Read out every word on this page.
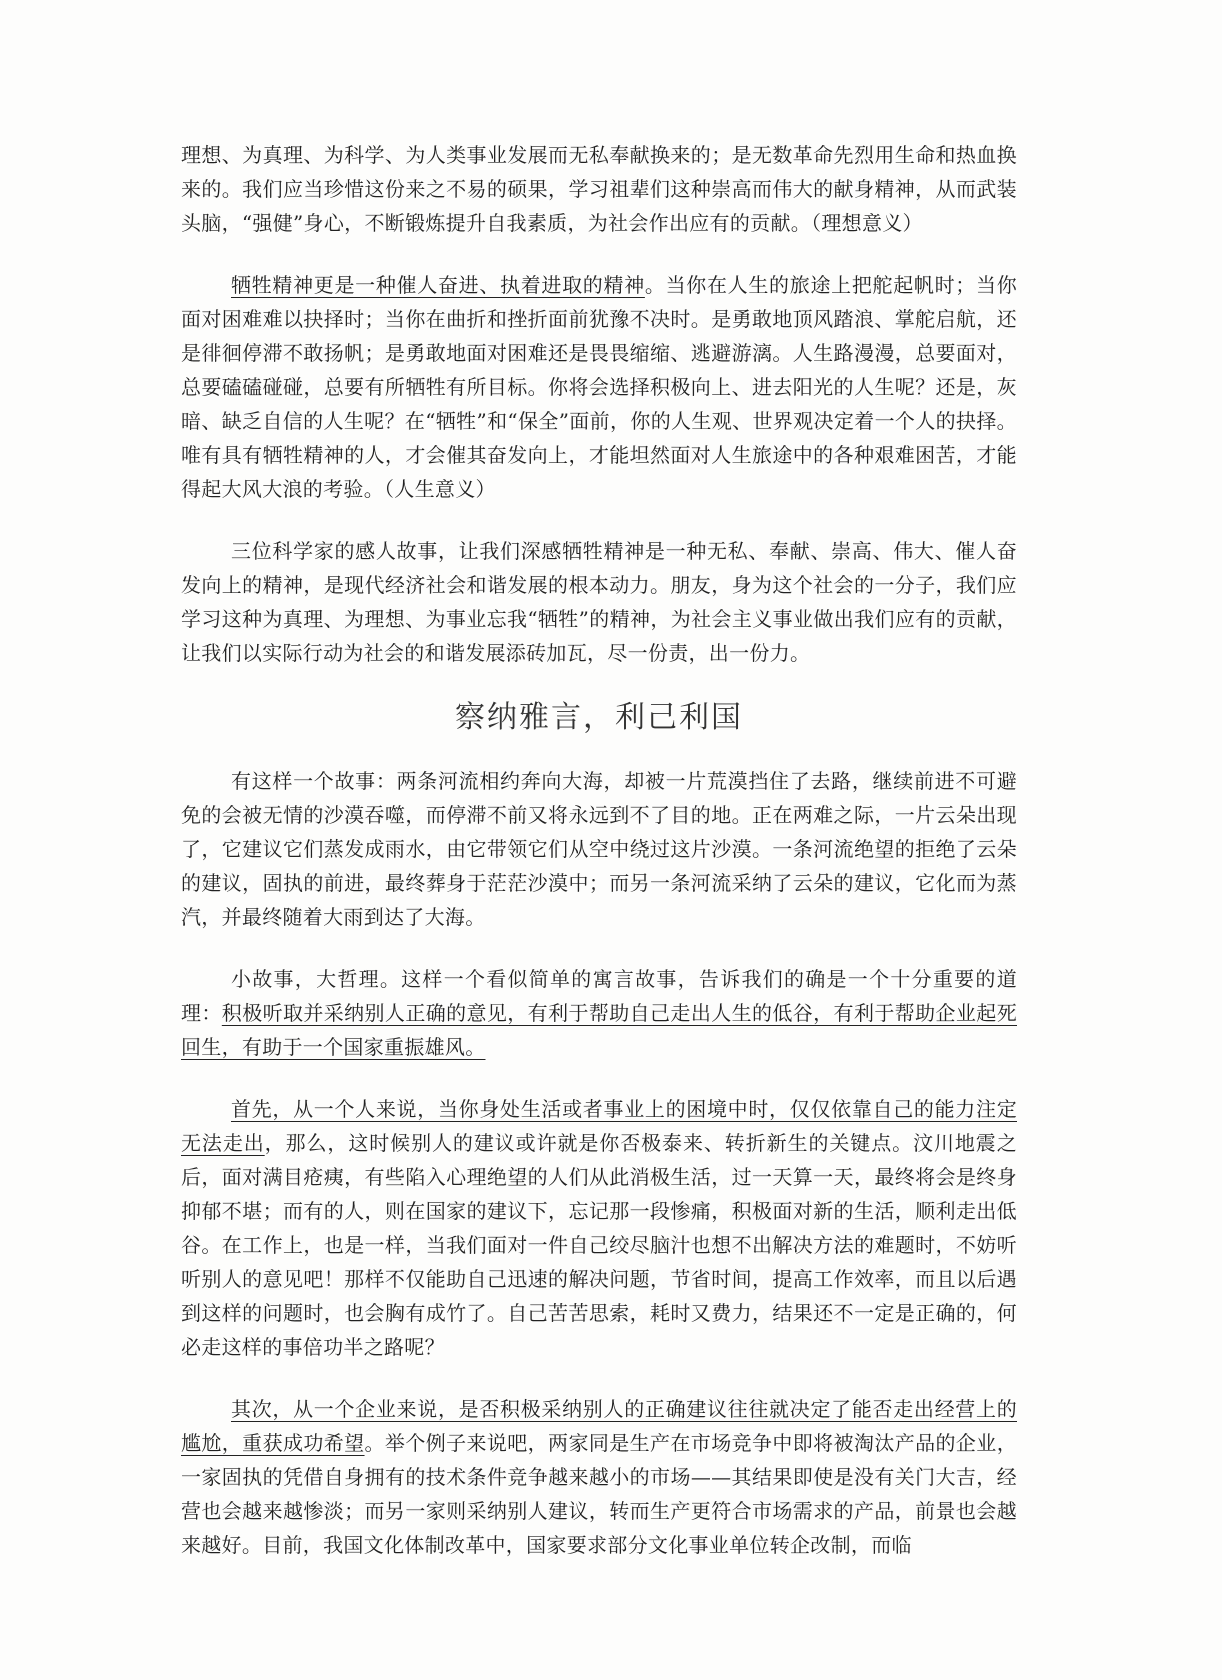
理想、为真理、为科学、为人类事业发展而无私奉献换来的；是无数革命先烈用生命和热血换来的。我们应当珍惜这份来之不易的硕果，学习祖辈们这种崇高而伟大的献身精神，从而武装头脑，“强健”身心，不断锻炼提升自我素质，为社会作出应有的贡献。（理想意义）

牺牲精神更是一种催人奋进、执着进取的精神。当你在人生的旅途上把舵起帆时；当你面对困难难以抉择时；当你在曲折和挫折面前犹豫不决时。是勇敢地顶风踏浪、掌舵启航，还是徘徊停滞不敢扬帆；是勇敢地面对困难还是畏畏缩缩、逃避游漓。人生路漫漫，总要面对，总要磕磕碰碰，总要有所牺牲有所目标。你将会选择积极向上、进去阳光的人生呢？还是，灰暗、缺乏自信的人生呢？在“牺牲”和“保全”面前，你的人生观、世界观决定着一个人的抉择。唯有具有牺牲精神的人，才会催其奋发向上，才能坦然面对人生旅途中的各种艰难困苦，才能得起大风大浪的考验。（人生意义）

三位科学家的感人故事，让我们深感牺牲精神是一种无私、奉献、崇高、伟大、催人奋发向上的精神，是现代经济社会和谐发展的根本动力。朋友，身为这个社会的一分子，我们应学习这种为真理、为理想、为事业忘我“牺牲”的精神，为社会主义事业做出我们应有的贡献，让我们以实际行动为社会的和谐发展添砖加瓦，尽一份责，出一份力。

察纳雅言，利己利国

有这样一个故事：两条河流相约奔向大海，却被一片荒漠挡住了去路，继续前进不可避免的会被无情的沙漠吞噬，而停滞不前又将永远到不了目的地。正在两难之际，一片云朵出现了，它建议它们蒸发成雨水，由它带领它们从空中绕过这片沙漠。一条河流绝望的拒绝了云朵的建议，固执的前进，最终葬身于茫茫沙漠中；而另一条河流采纳了云朵的建议，它化而为蒸汽，并最终随着大雨到达了大海。

小故事，大哲理。这样一个看似简单的寓言故事，告诉我们的确是一个十分重要的道理：积极听取并采纳别人正确的意见，有利于帮助自己走出人生的低谷，有利于帮助企业起死回生，有助于一个国家重振雄风。

首先，从一个人来说，当你身处生活或者事业上的困境中时，仅仅依靠自己的能力注定无法走出，那么，这时候别人的建议或许就是你否极泰来、转折新生的关键点。汶川地震之后，面对满目疮痍，有些陷入心理绝望的人们从此消极生活，过一天算一天，最终将会是终身抑郁不堪；而有的人，则在国家的建议下，忘记那一段惨痛，积极面对新的生活，顺利走出低谷。在工作上，也是一样，当我们面对一件自己绞尽脑汁也想不出解决方法的难题时，不妨听听别人的意见吧！那样不仅能助自己迅速的解决问题，节省时间，提高工作效率，而且以后遇到这样的问题时，也会胸有成竹了。自己苦苦思索，耗时又费力，结果还不一定是正确的，何必走这样的事倍功半之路呢？

其次，从一个企业来说，是否积极采纳别人的正确建议往往就决定了能否走出经营上的尴尬，重获成功希望。举个例子来说吧，两家同是生产在市场竞争中即将被淘汰产品的企业，一家固执的凭借自身拥有的技术条件竞争越来越小的市场——其结果即使是没有关门大吉，经营也会越来越惨淡；而另一家则采纳别人建议，转而生产更符合市场需求的产品，前景也会越来越好。目前，我国文化体制改革中，国家要求部分文化事业单位转企改制，而临
